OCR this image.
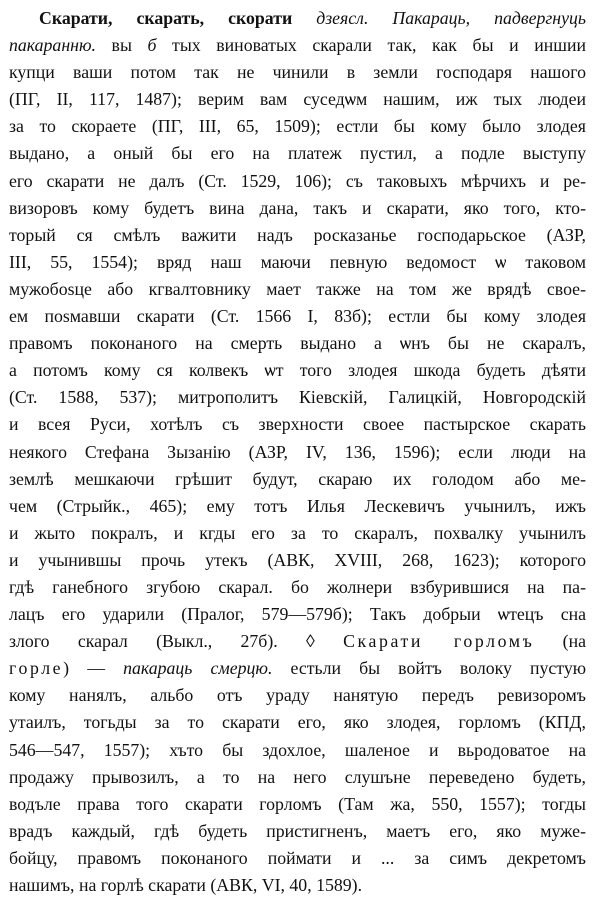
Скарати, скарать, скорати дзеясл. Пакараць, падвергнуць
пакаранню. вы б тых виноватых скарали так, как бы и иншии
купци ваши потом так не чинили в земли господаря нашого
(ПГ, II, 117, 1487); верим вам суседѡм нашим, иж тых людеи
за то скораете (ПГ, III, 65, 1509); естли бы кому было злодея
выдано, а оный бы его на платеж пустил, а подле выступу
его скарати не далъ (Ст. 1529, 106); съ таковыхъ мѣрчихъ и ре-
визоровъ кому будетъ вина дана, такъ и скарати, яко того, кто-
торый ся смѣлъ важити надъ росказанье господарьское (АЗР,
III, 55, 1554); вряд наш маючи певную ведомост ѡ таковом
мужобоѕце або кгвалтовнику мает также на том же врядѣ свое-
ем поѕмавши скарати (Ст. 1566 I, 83б); естли бы кому злодея
правомъ поконаного на смерть выдано а ѡнъ бы не скаралъ,
а потомъ кому ся колвекъ ѡт того злодея шкода будеть дѣяти
(Ст. 1588, 537); митрополитъ Кіевскій, Галицкій, Новгородскій
и всея Руси, хотѣлъ съ зверхности своее пастырское скарать
неякого Стефана Зызанію (АЗР, IV, 136, 1596); если люди на
землѣ мешкаючи грѣшит будут, скараю их голодом або ме-
чем (Стрыйк., 465); ему тотъ Илья Лескевичъ учынилъ, ижъ
и жыто покралъ, и кгды его за то скаралъ, похвалку учынилъ
и учынившы прочь утекъ (АВК, XVIII, 268, 1623); которого
гдѣ ганебного згубою скарал. бо жолнери взбурившися на па-
лацъ его ударили (Пралог, 579—579б); Такъ добрыи ѡтецъ сна
злого скарал (Выкл., 27б). ◊ Скарати горломъ (на
горле) — пакараць смерцю. естьли бы войтъ волоку пустую
кому нанялъ, альбо отъ ураду нанятую передъ ревизоромъ
утаилъ, тогьды за то скарати его, яко злодея, горломъ (КПД,
546—547, 1557); хъто бы здохлое, шаленое и вьродоватое на
продажу прывозилъ, а то на него слушъне переведено будеть,
водъле права того скарати горломъ (Там жа, 550, 1557); тогды
врадъ каждый, гдѣ будеть пристигненъ, маетъ его, яко муже-
бойцу, правомъ поконаного поймати и ... за симъ декретомъ
нашимъ, на горлѣ скарати (АВК, VI, 40, 1589).
